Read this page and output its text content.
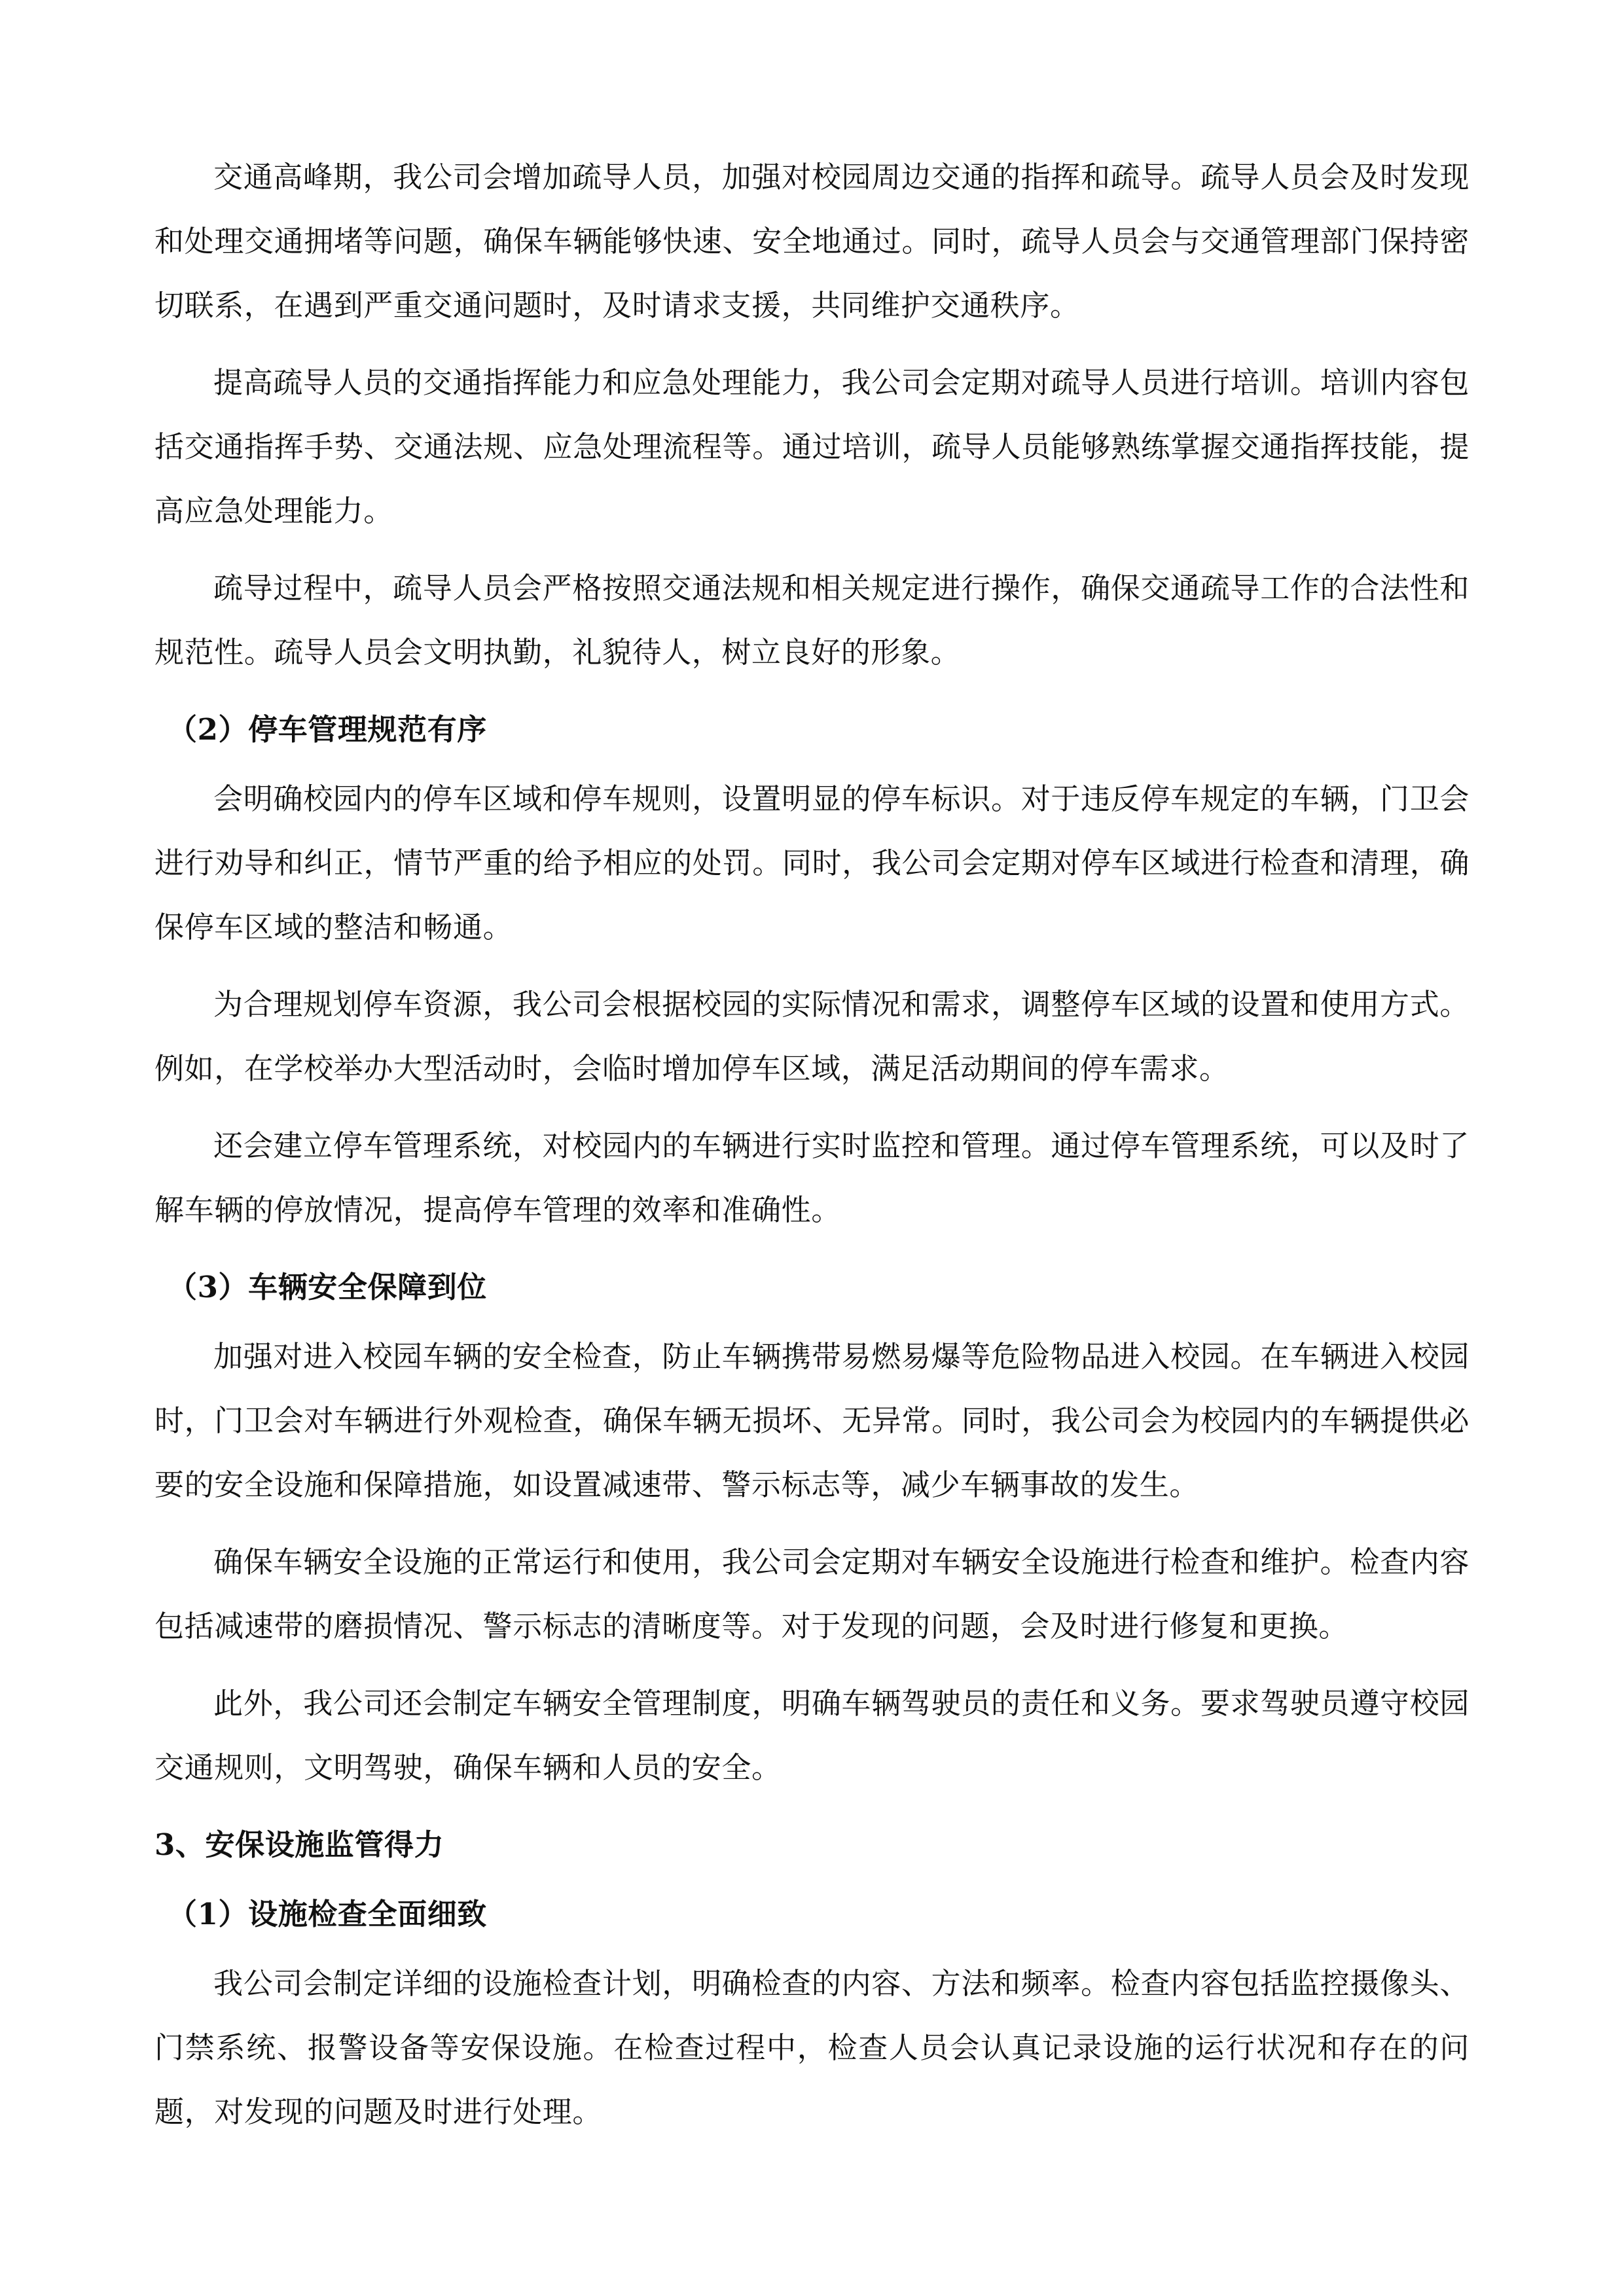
交通高峰期，我公司会增加疏导人员，加强对校园周边交通的指挥和疏导。疏导人员会及时发现和处理交通拥堵等问题，确保车辆能够快速、安全地通过。同时，疏导人员会与交通管理部门保持密切联系，在遇到严重交通问题时，及时请求支援，共同维护交通秩序。

提高疏导人员的交通指挥能力和应急处理能力，我公司会定期对疏导人员进行培训。培训内容包括交通指挥手势、交通法规、应急处理流程等。通过培训，疏导人员能够熟练掌握交通指挥技能，提高应急处理能力。

疏导过程中，疏导人员会严格按照交通法规和相关规定进行操作，确保交通疏导工作的合法性和规范性。疏导人员会文明执勤，礼貌待人，树立良好的形象。

（2）停车管理规范有序

会明确校园内的停车区域和停车规则，设置明显的停车标识。对于违反停车规定的车辆，门卫会进行劝导和纠正，情节严重的给予相应的处罚。同时，我公司会定期对停车区域进行检查和清理，确保停车区域的整洁和畅通。

为合理规划停车资源，我公司会根据校园的实际情况和需求，调整停车区域的设置和使用方式。例如，在学校举办大型活动时，会临时增加停车区域，满足活动期间的停车需求。

还会建立停车管理系统，对校园内的车辆进行实时监控和管理。通过停车管理系统，可以及时了解车辆的停放情况，提高停车管理的效率和准确性。

（3）车辆安全保障到位

加强对进入校园车辆的安全检查，防止车辆携带易燃易爆等危险物品进入校园。在车辆进入校园时，门卫会对车辆进行外观检查，确保车辆无损坏、无异常。同时，我公司会为校园内的车辆提供必要的安全设施和保障措施，如设置减速带、警示标志等，减少车辆事故的发生。

确保车辆安全设施的正常运行和使用，我公司会定期对车辆安全设施进行检查和维护。检查内容包括减速带的磨损情况、警示标志的清晰度等。对于发现的问题，会及时进行修复和更换。

此外，我公司还会制定车辆安全管理制度，明确车辆驾驶员的责任和义务。要求驾驶员遵守校园交通规则，文明驾驶，确保车辆和人员的安全。

3、安保设施监管得力
（1）设施检查全面细致

我公司会制定详细的设施检查计划，明确检查的内容、方法和频率。检查内容包括监控摄像头、门禁系统、报警设备等安保设施。在检查过程中，检查人员会认真记录设施的运行状况和存在的问题，对发现的问题及时进行处理。
